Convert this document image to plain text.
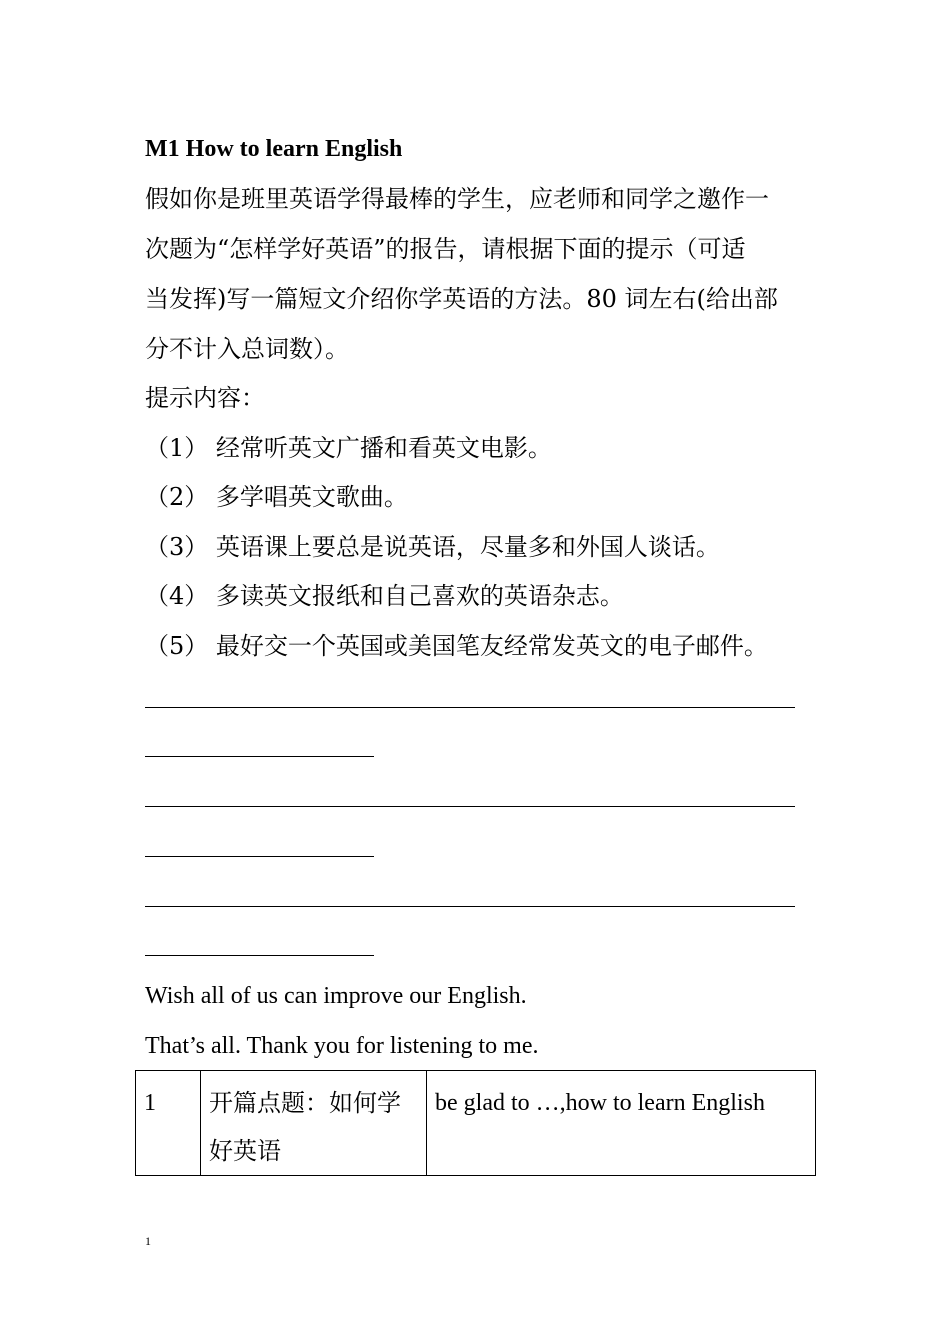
M1 How to learn English
假如你是班里英语学得最棒的学生，应老师和同学之邀作一
次题为“怎样学好英语”的报告，请根据下面的提示（可适
当发挥)写一篇短文介绍你学英语的方法。80 词左右(给出部
分不计入总词数）。
提示内容：
（1） 经常听英文广播和看英文电影。
（2） 多学唱英文歌曲。
（3） 英语课上要总是说英语，尽量多和外国人谈话。
（4） 多读英文报纸和自己喜欢的英语杂志。
（5） 最好交一个英国或美国笔友经常发英文的电子邮件。
Wish all of us can improve our English.
That’s all. Thank you for listening to me.
1	开篇点题：如何学好英语	be glad to …,how to learn English
1
